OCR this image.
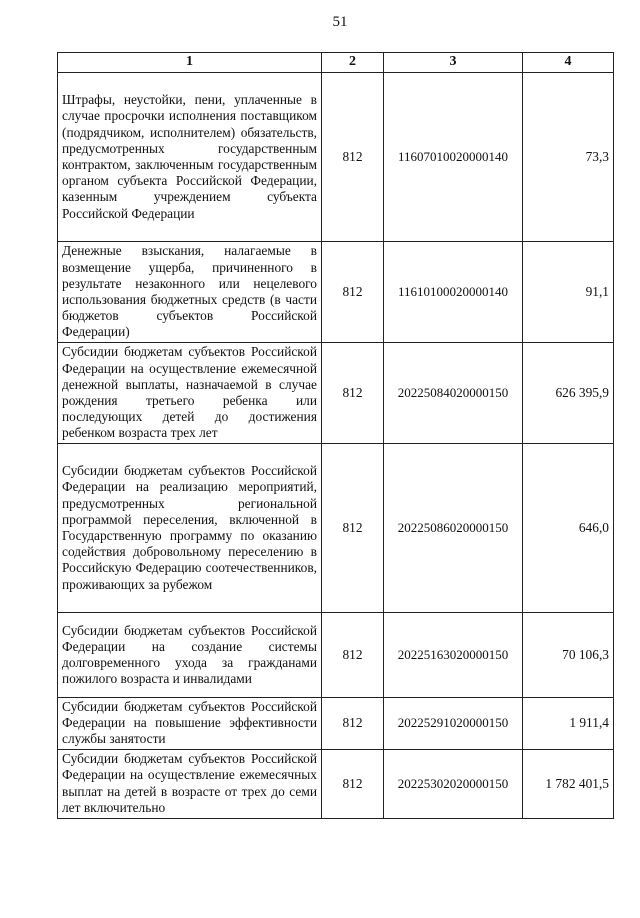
51
1	2	3	4
Штрафы, неустойки, пени, уплаченные в случае просрочки исполнения поставщиком (подрядчиком, исполнителем) обязательств, предусмотренных государственным контрактом, заключенным государственным органом субъекта Российской Федерации, казенным учреждением субъекта Российской Федерации	812	11607010020000140	73,3
Денежные взыскания, налагаемые в возмещение ущерба, причиненного в результате незаконного или нецелевого использования бюджетных средств (в части бюджетов субъектов Российской Федерации)	812	11610100020000140	91,1
Субсидии бюджетам субъектов Российской Федерации на осуществление ежемесячной денежной выплаты, назначаемой в случае рождения третьего ребенка или последующих детей до достижения ребенком возраста трех лет	812	20225084020000150	626 395,9
Субсидии бюджетам субъектов Российской Федерации на реализацию мероприятий, предусмотренных региональной программой переселения, включенной в Государственную программу по оказанию содействия добровольному переселению в Российскую Федерацию соотечественников, проживающих за рубежом	812	20225086020000150	646,0
Субсидии бюджетам субъектов Российской Федерации на создание системы долговременного ухода за гражданами пожилого возраста и инвалидами	812	20225163020000150	70 106,3
Субсидии бюджетам субъектов Российской Федерации на повышение эффективности службы занятости	812	20225291020000150	1 911,4
Субсидии бюджетам субъектов Российской Федерации на осуществление ежемесячных выплат на детей в возрасте от трех до семи лет включительно	812	20225302020000150	1 782 401,5
